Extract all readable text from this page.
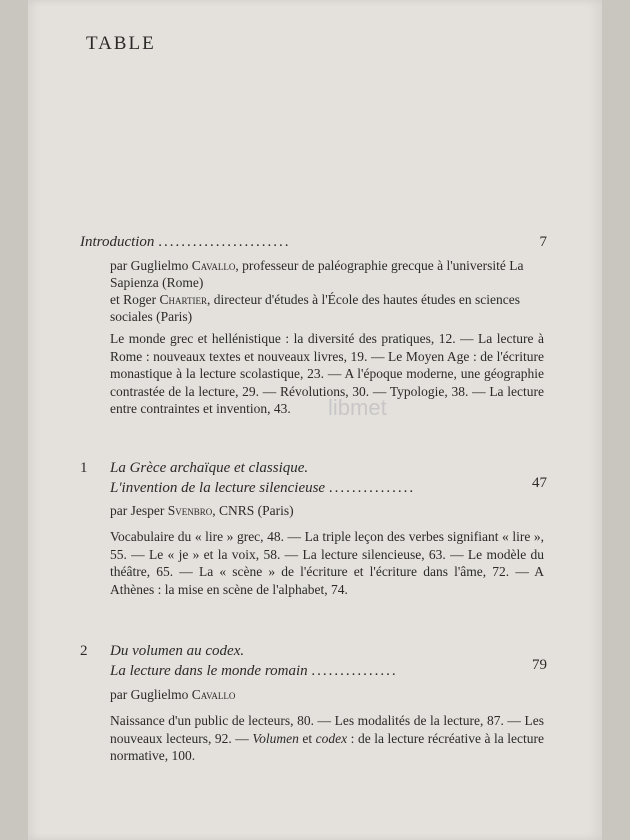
TABLE
Introduction .......................	7
par Guglielmo Cavallo, professeur de paléographie grecque à l'université La Sapienza (Rome)
et Roger Chartier, directeur d'études à l'École des hautes études en sciences sociales (Paris)
Le monde grec et hellénistique : la diversité des pratiques, 12. — La lecture à Rome : nouveaux textes et nouveaux livres, 19. — Le Moyen Age : de l'écriture monastique à la lecture scolastique, 23. — A l'époque moderne, une géographie contrastée de la lecture, 29. — Révolutions, 30. — Typologie, 38. — La lecture entre contraintes et invention, 43.	libmet
1 La Grèce archaïque et classique.
L'invention de la lecture silencieuse ...............	47
par Jesper Svenbro, CNRS (Paris)
Vocabulaire du « lire » grec, 48. — La triple leçon des verbes signifiant « lire », 55. — Le « je » et la voix, 58. — La lecture silencieuse, 63. — Le modèle du théâtre, 65. — La « scène » de l'écriture et l'écriture dans l'âme, 72. — A Athènes : la mise en scène de l'alphabet, 74.
2 Du volumen au codex.
La lecture dans le monde romain ...............	79
par Guglielmo Cavallo
Naissance d'un public de lecteurs, 80. — Les modalités de la lecture, 87. — Les nouveaux lecteurs, 92. — Volumen et codex : de la lecture récréative à la lecture normative, 100.
